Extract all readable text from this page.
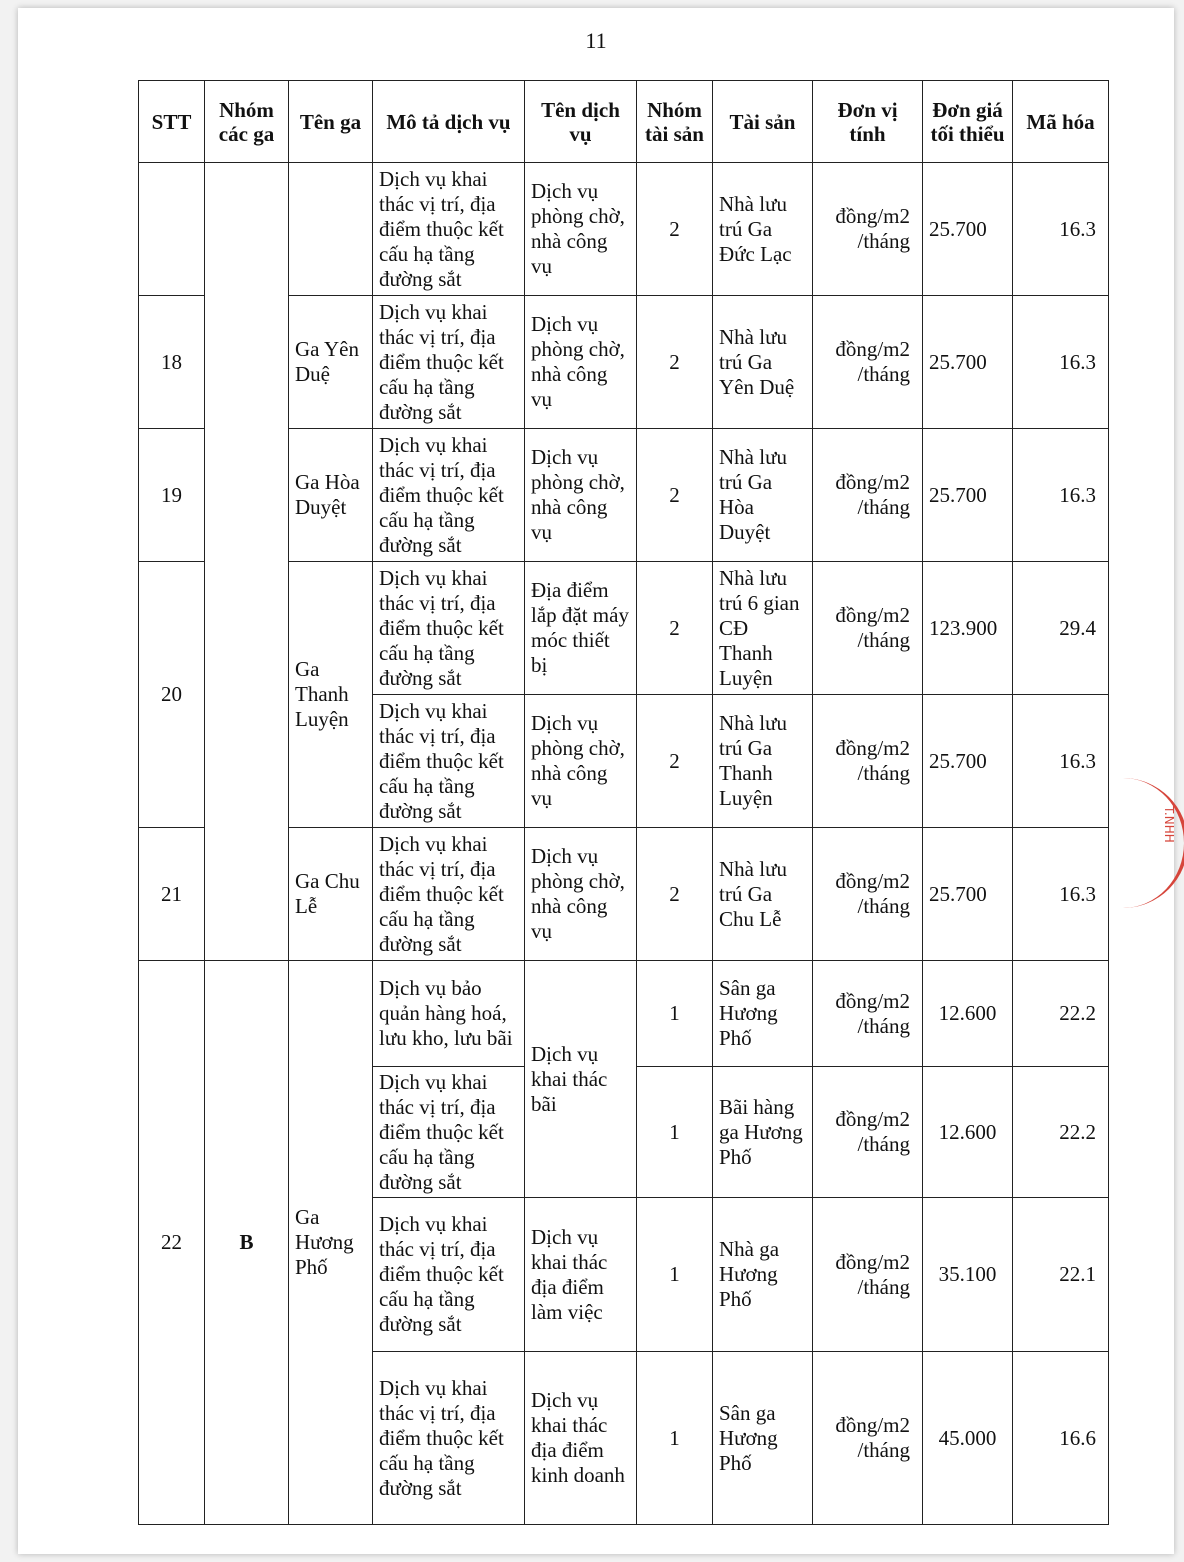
11
STT	Nhóm các ga	Tên ga	Mô tả dịch vụ	Tên dịch vụ	Nhóm tài sản	Tài sản	Đơn vị tính	Đơn giá tối thiểu	Mã hóa
			Dịch vụ khai thác vị trí, địa điểm thuộc kết cấu hạ tầng đường sắt	Dịch vụ phòng chờ, nhà công vụ	2	Nhà lưu trú Ga Đức Lạc	đồng/m2 /tháng	25.700	16.3
18		Ga Yên Duệ	Dịch vụ khai thác vị trí, địa điểm thuộc kết cấu hạ tầng đường sắt	Dịch vụ phòng chờ, nhà công vụ	2	Nhà lưu trú Ga Yên Duệ	đồng/m2 /tháng	25.700	16.3
19		Ga Hòa Duyệt	Dịch vụ khai thác vị trí, địa điểm thuộc kết cấu hạ tầng đường sắt	Dịch vụ phòng chờ, nhà công vụ	2	Nhà lưu trú Ga Hòa Duyệt	đồng/m2 /tháng	25.700	16.3
20		Ga Thanh Luyện	Dịch vụ khai thác vị trí, địa điểm thuộc kết cấu hạ tầng đường sắt	Địa điểm lắp đặt máy móc thiết bị	2	Nhà lưu trú 6 gian CĐ Thanh Luyện	đồng/m2 /tháng	123.900	29.4
			Dịch vụ khai thác vị trí, địa điểm thuộc kết cấu hạ tầng đường sắt	Dịch vụ phòng chờ, nhà công vụ	2	Nhà lưu trú Ga Thanh Luyện	đồng/m2 /tháng	25.700	16.3
21		Ga Chu Lễ	Dịch vụ khai thác vị trí, địa điểm thuộc kết cấu hạ tầng đường sắt	Dịch vụ phòng chờ, nhà công vụ	2	Nhà lưu trú Ga Chu Lễ	đồng/m2 /tháng	25.700	16.3
22	B	Ga Hương Phố	Dịch vụ bảo quản hàng hoá, lưu kho, lưu bãi	Dịch vụ khai thác bãi	1	Sân ga Hương Phố	đồng/m2 /tháng	12.600	22.2
			Dịch vụ khai thác vị trí, địa điểm thuộc kết cấu hạ tầng đường sắt		1	Bãi hàng ga Hương Phố	đồng/m2 /tháng	12.600	22.2
			Dịch vụ khai thác vị trí, địa điểm thuộc kết cấu hạ tầng đường sắt	Dịch vụ khai thác địa điểm làm việc	1	Nhà ga Hương Phố	đồng/m2 /tháng	35.100	22.1
			Dịch vụ khai thác vị trí, địa điểm thuộc kết cấu hạ tầng đường sắt	Dịch vụ khai thác địa điểm kinh doanh	1	Sân ga Hương Phố	đồng/m2 /tháng	45.000	16.6
T.NHH
